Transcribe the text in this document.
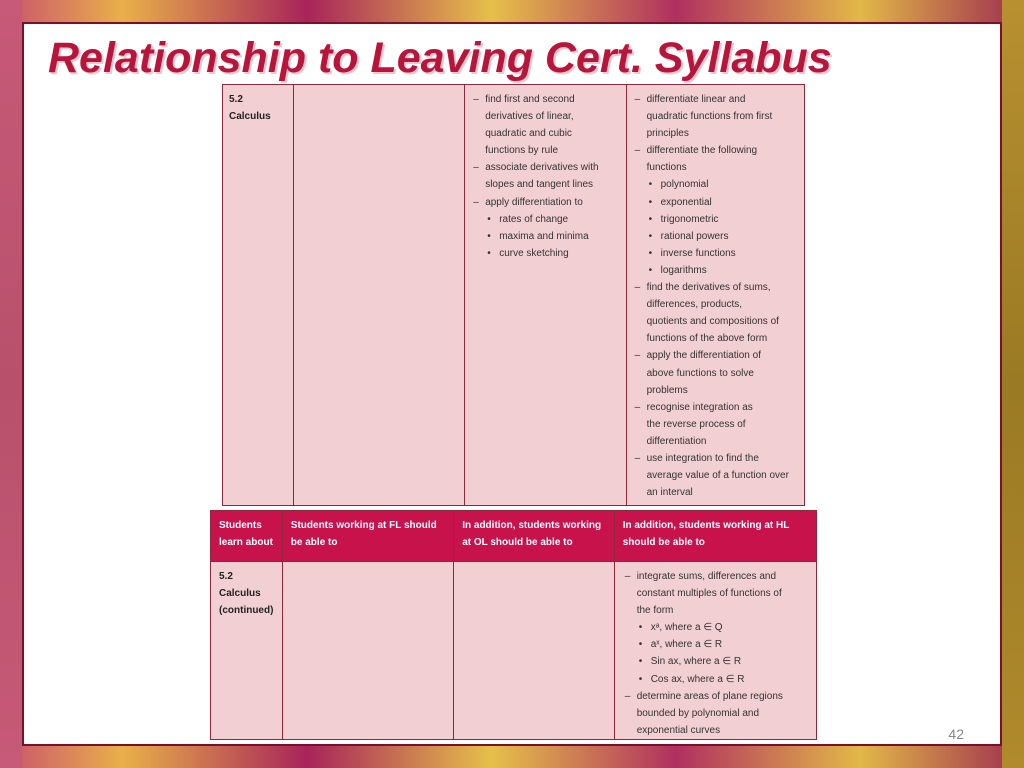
Relationship to Leaving Cert. Syllabus
5.2
Calculus
– find first and second
derivatives of linear,
quadratic and cubic
functions by rule
– associate derivatives with
slopes and tangent lines
– apply differentiation to
• rates of change
• maxima and minima
• curve sketching
– differentiate linear and
quadratic functions from first
principles
– differentiate the following
functions
• polynomial
• exponential
• trigonometric
• rational powers
• inverse functions
• logarithms
– find the derivatives of sums,
differences, products,
quotients and compositions of
functions of the above form
– apply the differentiation of
above functions to solve
problems
– recognise integration as
the reverse process of
differentiation
– use integration to find the
average value of a function over
an interval
Students learn about
Students working at FL should be able to
In addition, students working at OL should be able to
In addition, students working at HL should be able to
5.2
Calculus
(continued)
– integrate sums, differences and
constant multiples of functions of
the form
• xᵃ, where a ∈ Q
• aˣ, where a ∈ R
• Sin ax, where a ∈ R
• Cos ax, where a ∈ R
– determine areas of plane regions
bounded by polynomial and
exponential curves	42
